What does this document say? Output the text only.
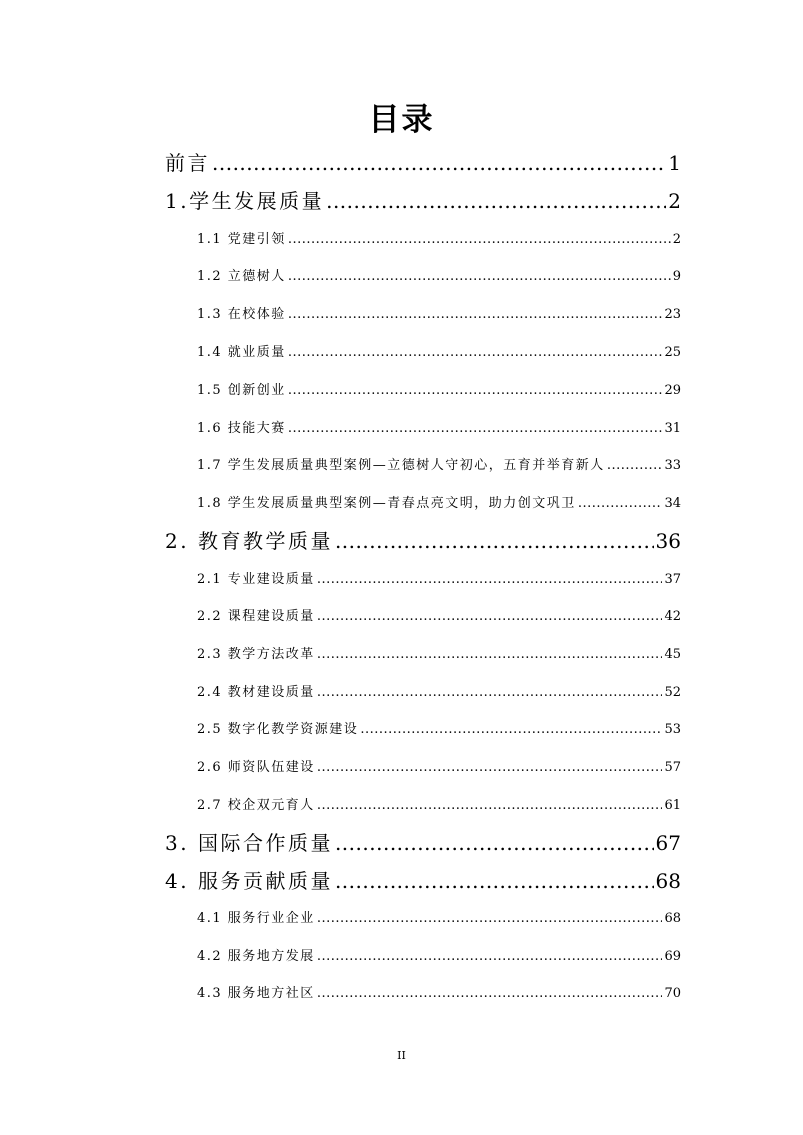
目录
前言 .....	1
1.学生发展质量 .....	2
1.1 党建引领 .....	2
1.2 立德树人 .....	9
1.3 在校体验 .....	23
1.4 就业质量 .....	25
1.5 创新创业 .....	29
1.6 技能大赛 .....	31
1.7 学生发展质量典型案例—立德树人守初心，五育并举育新人 .....	33
1.8 学生发展质量典型案例—青春点亮文明，助力创文巩卫 .....	34
2. 教育教学质量 .....	36
2.1 专业建设质量 .....	37
2.2 课程建设质量 .....	42
2.3 教学方法改革 .....	45
2.4 教材建设质量 .....	52
2.5 数字化教学资源建设 .....	53
2.6 师资队伍建设 .....	57
2.7 校企双元育人 .....	61
3. 国际合作质量 .....	67
4. 服务贡献质量 .....	68
4.1 服务行业企业 .....	68
4.2 服务地方发展 .....	69
4.3 服务地方社区 .....	70
II
